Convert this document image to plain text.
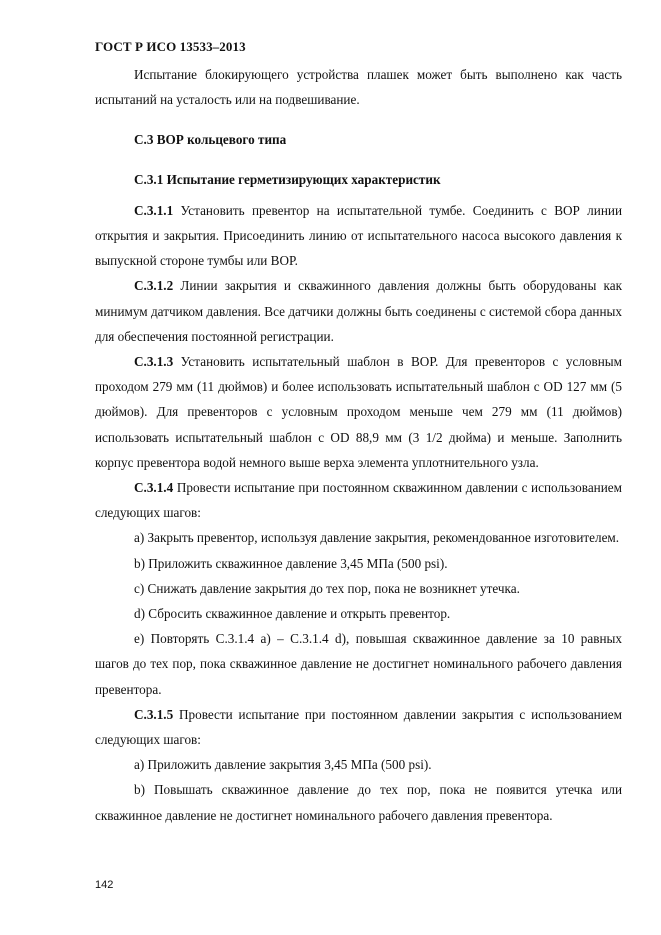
ГОСТ Р ИСО 13533–2013

Испытание блокирующего устройства плашек может быть выполнено как часть испытаний на усталость или на подвешивание.

С.3 ВОР кольцевого типа

С.3.1 Испытание герметизирующих характеристик

С.3.1.1 Установить превентор на испытательной тумбе. Соединить с ВОР линии открытия и закрытия. Присоединить линию от испытательного насоса высокого давления к выпускной стороне тумбы или ВОР.

С.3.1.2 Линии закрытия и скважинного давления должны быть оборудованы как минимум датчиком давления. Все датчики должны быть соединены с системой сбора данных для обеспечения постоянной регистрации.

С.3.1.3 Установить испытательный шаблон в ВОР. Для превенторов с условным проходом 279 мм (11 дюймов) и более использовать испытательный шаблон с OD 127 мм (5 дюймов). Для превенторов с условным проходом меньше чем 279 мм (11 дюймов) использовать испытательный шаблон с OD 88,9 мм (3 1/2 дюйма) и меньше. Заполнить корпус превентора водой немного выше верха элемента уплотнительного узла.

С.3.1.4 Провести испытание при постоянном скважинном давлении с использованием следующих шагов:

а) Закрыть превентор, используя давление закрытия, рекомендованное изготовителем.

b) Приложить скважинное давление 3,45 МПа (500 psi).

с) Снижать давление закрытия до тех пор, пока не возникнет утечка.

d) Сбросить скважинное давление и открыть превентор.

е) Повторять С.3.1.4 а) – С.3.1.4 d), повышая скважинное давление за 10 равных шагов до тех пор, пока скважинное давление не достигнет номинального рабочего давления превентора.

С.3.1.5 Провести испытание при постоянном давлении закрытия с использованием следующих шагов:

а) Приложить давление закрытия 3,45 МПа (500 psi).

b) Повышать скважинное давление до тех пор, пока не появится утечка или скважинное давление не достигнет номинального рабочего давления превентора.

142
